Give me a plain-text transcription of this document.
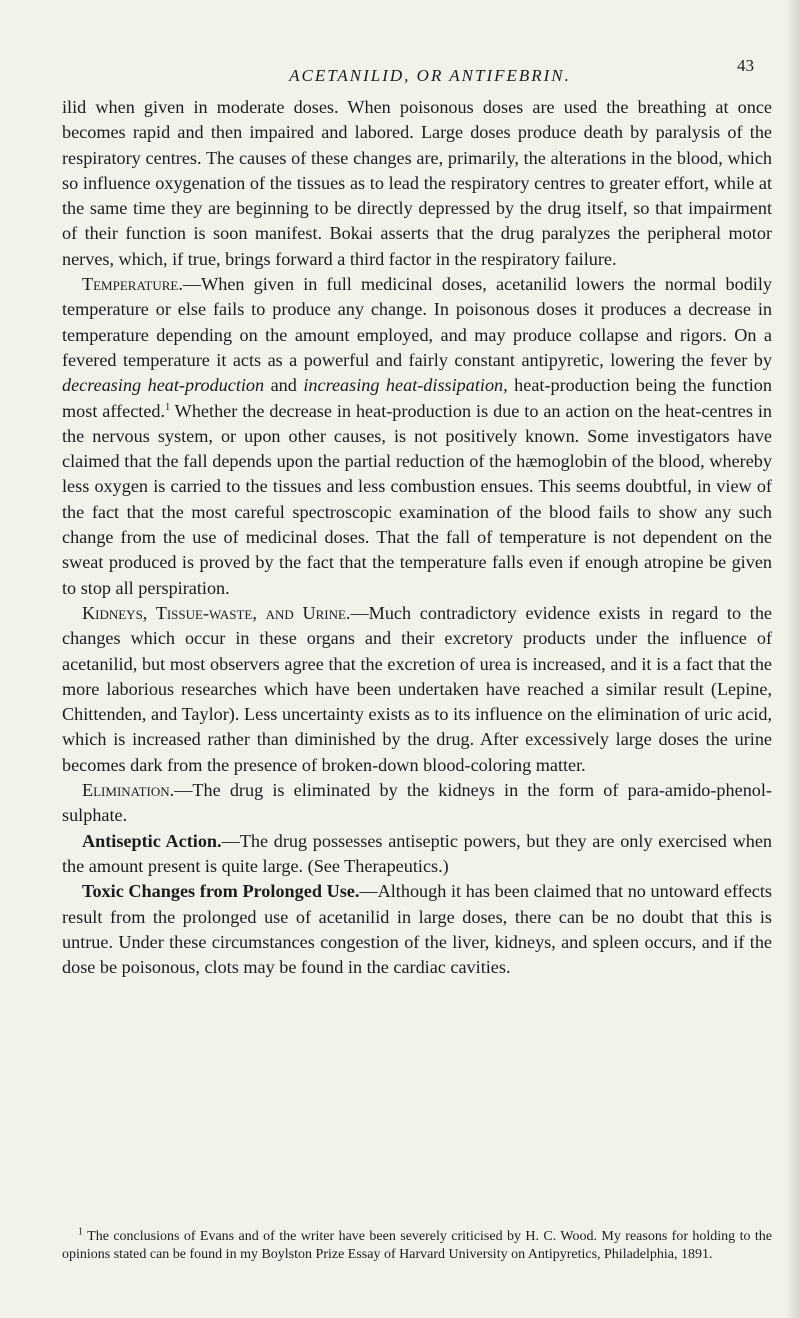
ACETANILID, OR ANTIFEBRIN.
43

ilid when given in moderate doses. When poisonous doses are used the breathing at once becomes rapid and then impaired and labored. Large doses produce death by paralysis of the respiratory centres. The causes of these changes are, primarily, the alterations in the blood, which so influence oxygenation of the tissues as to lead the respiratory centres to greater effort, while at the same time they are beginning to be directly depressed by the drug itself, so that impairment of their function is soon manifest. Bokai asserts that the drug paralyzes the peripheral motor nerves, which, if true, brings forward a third factor in the respiratory failure.

Temperature.—When given in full medicinal doses, acetanilid lowers the normal bodily temperature or else fails to produce any change. In poisonous doses it produces a decrease in temperature depending on the amount employed, and may produce collapse and rigors. On a fevered temperature it acts as a powerful and fairly constant antipyretic, lowering the fever by decreasing heat-production and increasing heat-dissipation, heat-production being the function most affected.$^1$ Whether the decrease in heat-production is due to an action on the heat-centres in the nervous system, or upon other causes, is not positively known. Some investigators have claimed that the fall depends upon the partial reduction of the hæmoglobin of the blood, whereby less oxygen is carried to the tissues and less combustion ensues. This seems doubtful, in view of the fact that the most careful spectroscopic examination of the blood fails to show any such change from the use of medicinal doses. That the fall of temperature is not dependent on the sweat produced is proved by the fact that the temperature falls even if enough atropine be given to stop all perspiration.

Kidneys, Tissue-waste, and Urine.—Much contradictory evidence exists in regard to the changes which occur in these organs and their excretory products under the influence of acetanilid, but most observers agree that the excretion of urea is increased, and it is a fact that the more laborious researches which have been undertaken have reached a similar result (Lepine, Chittenden, and Taylor). Less uncertainty exists as to its influence on the elimination of uric acid, which is increased rather than diminished by the drug. After excessively large doses the urine becomes dark from the presence of broken-down blood-coloring matter.

Elimination.—The drug is eliminated by the kidneys in the form of para-amido-phenol-sulphate.

Antiseptic Action.—The drug possesses antiseptic powers, but they are only exercised when the amount present is quite large. (See Therapeutics.)

Toxic Changes from Prolonged Use.—Although it has been claimed that no untoward effects result from the prolonged use of acetanilid in large doses, there can be no doubt that this is untrue. Under these circumstances congestion of the liver, kidneys, and spleen occurs, and if the dose be poisonous, clots may be found in the cardiac cavities.

$^1$ The conclusions of Evans and of the writer have been severely criticised by H. C. Wood. My reasons for holding to the opinions stated can be found in my Boylston Prize Essay of Harvard University on Antipyretics, Philadelphia, 1891.
